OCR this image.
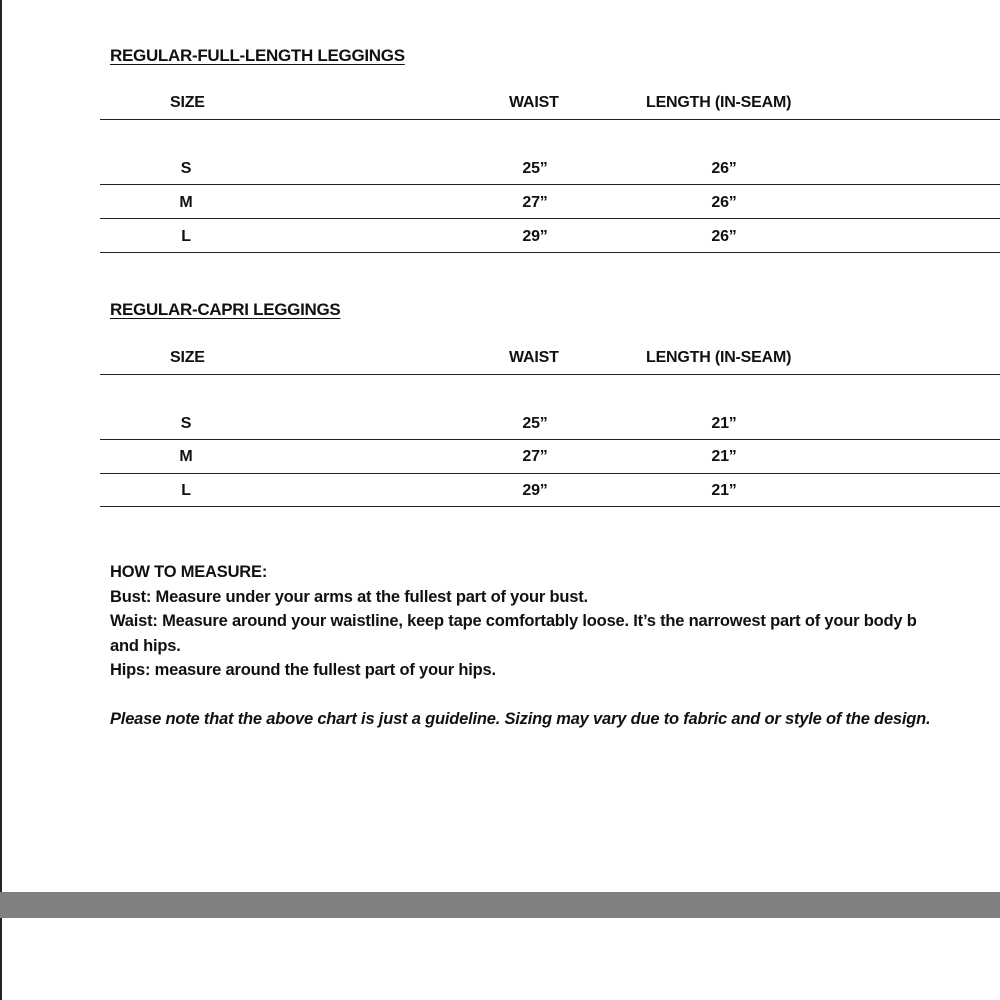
REGULAR-FULL-LENGTH LEGGINGS
SIZE	WAIST	LENGTH (IN-SEAM)
S	25”	26”
M	27”	26”
L	29”	26”
REGULAR-CAPRI LEGGINGS
SIZE	WAIST	LENGTH (IN-SEAM)
S	25”	21”
M	27”	21”
L	29”	21”

HOW TO MEASURE:

Bust: Measure under your arms at the fullest part of your bust.

Waist: Measure around your waistline, keep tape comfortably loose. It’s the narrowest part of your body b

and hips.

Hips: measure around the fullest part of your hips.

Please note that the above chart is just a guideline. Sizing may vary due to fabric and or style of the design.
